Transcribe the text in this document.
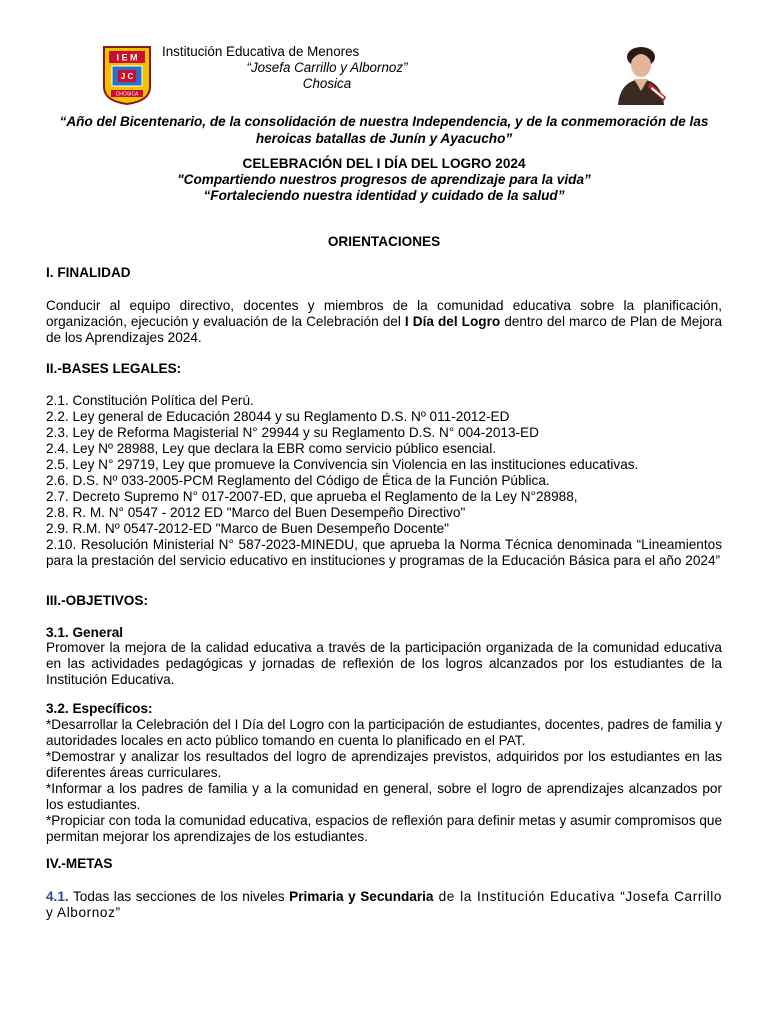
I E M
J C
CHOSICA
Institución Educativa de Menores
“Josefa Carrillo y Albornoz”
Chosica
“Año del Bicentenario, de la consolidación de nuestra Independencia, y de la conmemoración de las heroicas batallas de Junín y Ayacucho”
CELEBRACIÓN DEL I DÍA DEL LOGRO 2024
"Compartiendo nuestros progresos de aprendizaje para la vida”
“Fortaleciendo nuestra identidad y cuidado de la salud”
ORIENTACIONES
I. FINALIDAD
Conducir al equipo directivo, docentes y miembros de la comunidad educativa sobre la planificación, organización, ejecución y evaluación de la Celebración del I Día del Logro dentro del marco de Plan de Mejora de los Aprendizajes 2024.
II.-BASES LEGALES:
2.1. Constitución Política del Perú.
2.2. Ley general de Educación 28044 y su Reglamento D.S. Nº 011-2012-ED
2.3. Ley de Reforma Magisterial N° 29944 y su Reglamento D.S. N° 004-2013-ED
2.4. Ley Nº 28988, Ley que declara la EBR como servicio público esencial.
2.5. Ley N° 29719, Ley que promueve la Convivencia sin Violencia en las instituciones educativas.
2.6. D.S. Nº 033-2005-PCM Reglamento del Código de Ética de la Función Pública.
2.7. Decreto Supremo N° 017-2007-ED, que aprueba el Reglamento de la Ley N°28988,
2.8. R. M. N° 0547 - 2012 ED "Marco del Buen Desempeño Directivo"
2.9. R.M. Nº 0547-2012-ED "Marco de Buen Desempeño Docente"

2.10. Resolución Ministerial N° 587-2023-MINEDU, que aprueba la Norma Técnica denominada “Lineamientos para la prestación del servicio educativo en instituciones y programas de la Educación Básica para el año 2024”

III.-OBJETIVOS:
3.1. General
Promover la mejora de la calidad educativa a través de la participación organizada de la comunidad educativa en las actividades pedagógicas y jornadas de reflexión de los logros alcanzados por los estudiantes de la Institución Educativa.
3.2. Específicos:

*Desarrollar la Celebración del I Día del Logro con la participación de estudiantes, docentes, padres de familia y autoridades locales en acto público tomando en cuenta lo planificado en el PAT.

*Demostrar y analizar los resultados del logro de aprendizajes previstos, adquiridos por los estudiantes en las diferentes áreas curriculares.

*Informar a los padres de familia y a la comunidad en general, sobre el logro de aprendizajes alcanzados por los estudiantes.

*Propiciar con toda la comunidad educativa, espacios de reflexión para definir metas y asumir compromisos que permitan mejorar los aprendizajes de los estudiantes.

IV.-METAS
4.1. Todas las secciones de los niveles Primaria y Secundaria de la Institución Educativa “Josefa Carrillo y Albornoz”
